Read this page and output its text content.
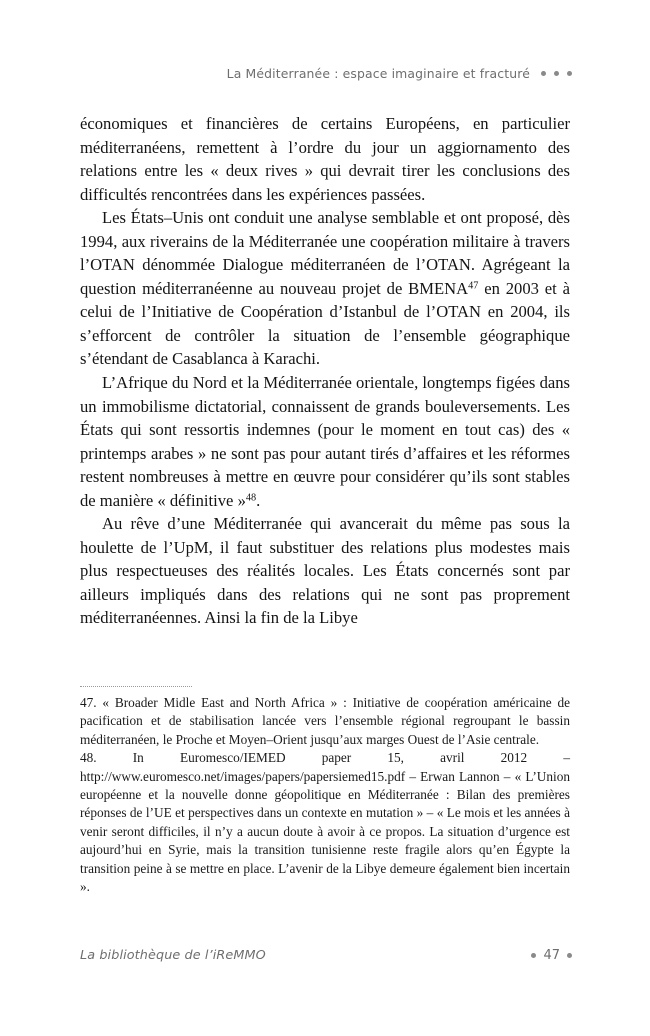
La Méditerranée : espace imaginaire et fracturé

économiques et financières de certains Européens, en particulier méditerranéens, remettent à l’ordre du jour un aggiornamento des relations entre les « deux rives » qui devrait tirer les conclusions des difficultés rencontrées dans les expériences passées.

Les États–Unis ont conduit une analyse semblable et ont proposé, dès 1994, aux riverains de la Méditerranée une coopération militaire à travers l’OTAN dénommée Dialogue méditerranéen de l’OTAN. Agrégeant la question méditerranéenne au nouveau projet de BMENA$^{47}$ en 2003 et à celui de l’Initiative de Coopération d’Istanbul de l’OTAN en 2004, ils s’efforcent de contrôler la situation de l’ensemble géographique s’étendant de Casablanca à Karachi.

L’Afrique du Nord et la Méditerranée orientale, longtemps figées dans un immobilisme dictatorial, connaissent de grands bouleversements. Les États qui sont ressortis indemnes (pour le moment en tout cas) des « printemps arabes » ne sont pas pour autant tirés d’affaires et les réformes restent nombreuses à mettre en œuvre pour considérer qu’ils sont stables de manière « définitive »$^{48}$.

Au rêve d’une Méditerranée qui avancerait du même pas sous la houlette de l’UpM, il faut substituer des relations plus modestes mais plus respectueuses des réalités locales. Les États concernés sont par ailleurs impliqués dans des relations qui ne sont pas proprement méditerranéennes. Ainsi la fin de la Libye

47. « Broader Midle East and North Africa » : Initiative de coopération américaine de pacification et de stabilisation lancée vers l’ensemble régional regroupant le bassin méditerranéen, le Proche et Moyen–Orient jusqu’aux marges Ouest de l’Asie centrale.

48. In Euromesco/IEMED paper 15, avril 2012 – http://www.euromesco.net/images/papers/papersiemed15.pdf – Erwan Lannon – « L’Union européenne et la nouvelle donne géopolitique en Méditerranée : Bilan des premières réponses de l’UE et perspectives dans un contexte en mutation » – « Le mois et les années à venir seront difficiles, il n’y a aucun doute à avoir à ce propos. La situation d’urgence est aujourd’hui en Syrie, mais la transition tunisienne reste fragile alors qu’en Égypte la transition peine à se mettre en place. L’avenir de la Libye demeure également bien incertain ».

La bibliothèque de l’iReMMO	47
